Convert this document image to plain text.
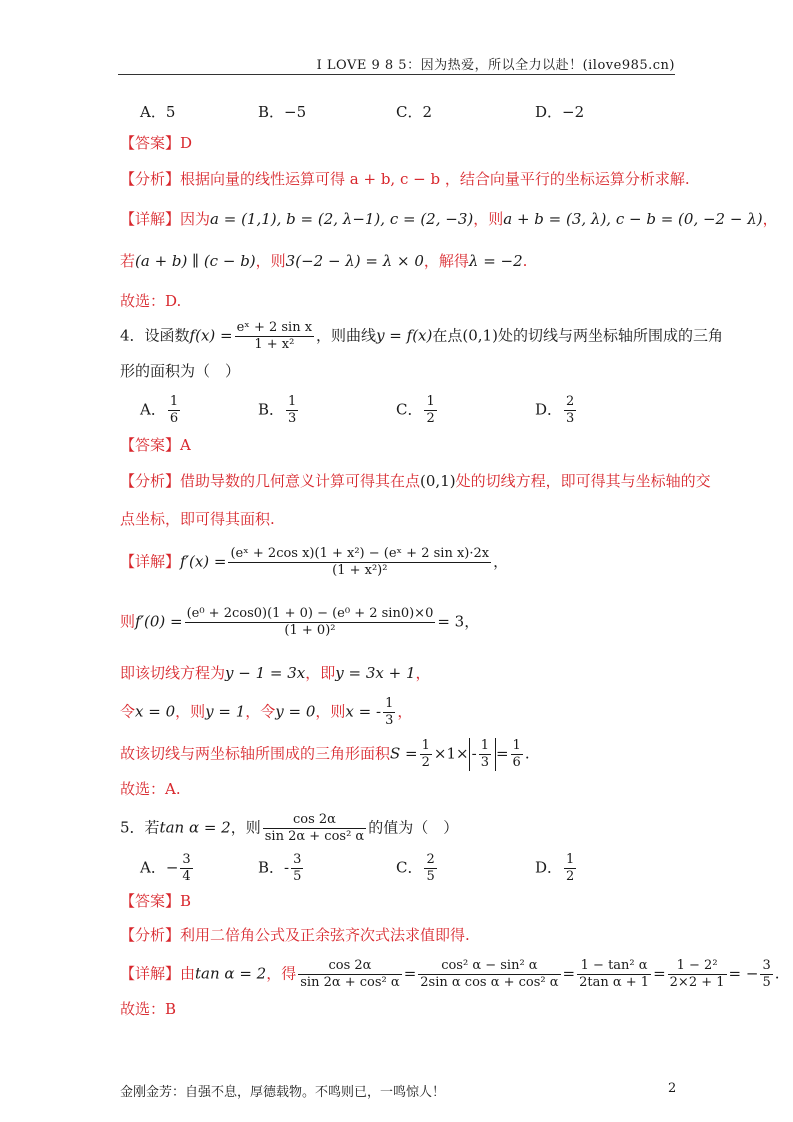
I LOVE 9 8 5：因为热爱，所以全力以赴！(ilove985.cn)
A．5	B．−5	C．2	D．−2
【答案】D
【分析】根据向量的线性运算可得 a + b, c − b ，结合向量平行的坐标运算分析求解.
【详解】因为a = (1,1), b = (2, λ−1), c = (2, −3)，则a + b = (3, λ), c − b = (0, −2 − λ)，
若(a + b) ∥ (c − b)，则3(−2 − λ) = λ × 0，解得λ = −2.
故选：D.
4．设函数$f(x) = \frac{\text{eˣ + 2 sin x}}{\text{1 + x²}}$ ，则曲线y = f(x)在点(0,1)处的切线与两坐标轴所围成的三角
形的面积为（　）
A． $\frac{1}{6}$	B． $\frac{1}{3}$	C． $\frac{1}{2}$	D． $\frac{2}{3}$
【答案】A
【分析】借助导数的几何意义计算可得其在点(0,1)处的切线方程，即可得其与坐标轴的交
点坐标，即可得其面积.
【详解】$f'(x) = \frac{\text{(eˣ + 2cos x)(1 + x²) − (eˣ + 2 sin x)·2x}}{\text{(1 + x²)²}}$ ，
则$f'(0) = \frac{\text{(e⁰ + 2cos0)(1 + 0) − (e⁰ + 2 sin0)×0}}{\text{(1 + 0)²}} = 3$，
即该切线方程为y − 1 = 3x，即y = 3x + 1，
令x = 0，则y = 1，令y = 0，则x = - $\frac{1}{3}$ ，
故该切线与两坐标轴所围成的三角形面积$S = \frac{1}{2} \times 1\times - \frac{1}{3} = \frac{1}{6}$ .
故选：A.
5．若tan α = 2，则 $\frac{\cos 2\alpha}{\text{sin 2α + cos² α}}$ 的值为（　）
A．− $\frac{3}{4}$	B．- $\frac{3}{5}$	C． $\frac{2}{5}$	D． $\frac{1}{2}$
【答案】B
【分析】利用二倍角公式及正余弦齐次式法求值即得.
【详解】由tan α = 2，得 $\frac{\cos 2\alpha}{\text{sin 2α + cos² α}} = \frac{\text{cos² α − sin² α}}{\text{2sin α cos α + cos² α}} = \frac{\text{1 − tan² α}}{\text{2tan α + 1}} = \frac{\text{1 − 2²}}{2\times 2 + 1}$ = − $\frac{3}{5}$ .
故选：B
金刚金芳：自强不息，厚德载物。不鸣则已，一鸣惊人！	2
